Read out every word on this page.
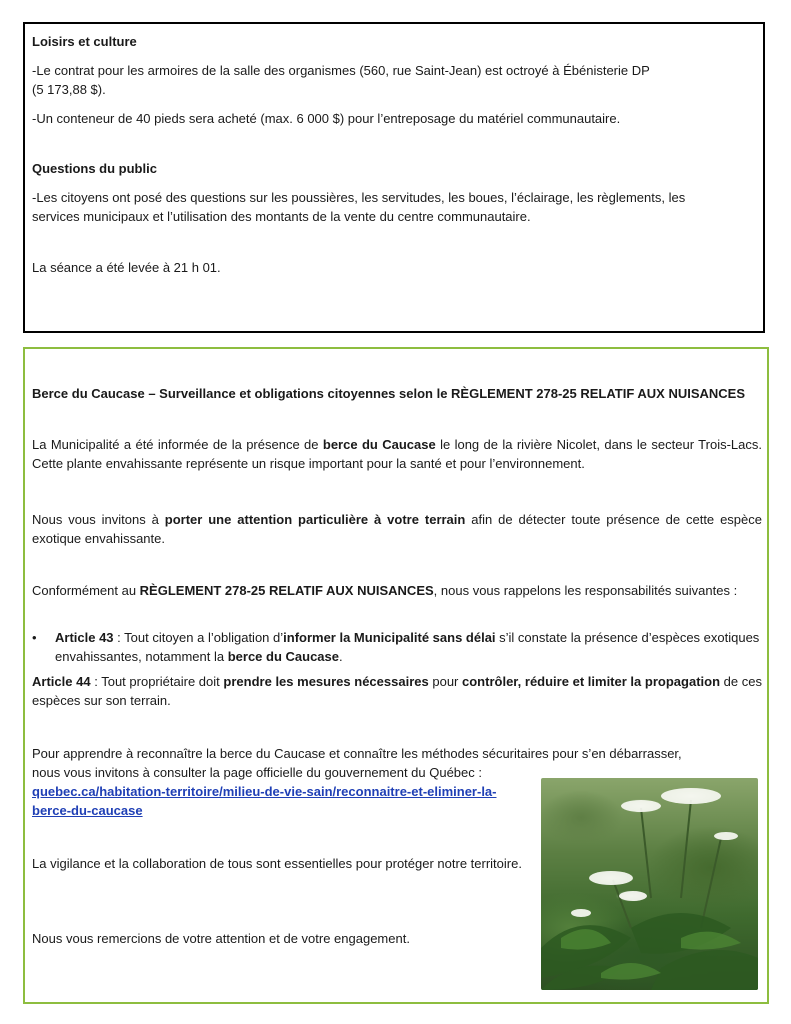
Loisirs et culture

-Le contrat pour les armoires de la salle des organismes (560, rue Saint-Jean) est octroyé à Ébénisterie DP
(5 173,88 $).

-Un conteneur de 40 pieds sera acheté (max. 6 000 $) pour l’entreposage du matériel communautaire.

Questions du public

-Les citoyens ont posé des questions sur les poussières, les servitudes, les boues, l’éclairage, les règlements, les
services municipaux et l’utilisation des montants de la vente du centre communautaire.

La séance a été levée à 21 h 01.

Berce du Caucase – Surveillance et obligations citoyennes selon le RÈGLEMENT 278-25 RELATIF AUX NUISANCES

La Municipalité a été informée de la présence de berce du Caucase le long de la rivière Nicolet, dans le secteur Trois-Lacs. Cette plante envahissante représente un risque important pour la santé et pour l’environnement.

Nous vous invitons à porter une attention particulière à votre terrain afin de détecter toute présence de cette espèce exotique envahissante.

Conformément au RÈGLEMENT 278-25 RELATIF AUX NUISANCES, nous vous rappelons les responsabilités suivantes :

• Article 43 : Tout citoyen a l’obligation d’informer la Municipalité sans délai s’il constate la présence d’espèces exotiques envahissantes, notamment la berce du Caucase.

Article 44 : Tout propriétaire doit prendre les mesures nécessaires pour contrôler, réduire et limiter la propagation de ces espèces sur son terrain.

Pour apprendre à reconnaître la berce du Caucase et connaître les méthodes sécuritaires pour s’en débarrasser,
nous vous invitons à consulter la page officielle du gouvernement du Québec :

quebec.ca/habitation-territoire/milieu-de-vie-sain/reconnaitre-et-eliminer-la-
berce-du-caucase

La vigilance et la collaboration de tous sont essentielles pour protéger notre territoire.

Nous vous remercions de votre attention et de votre engagement.
